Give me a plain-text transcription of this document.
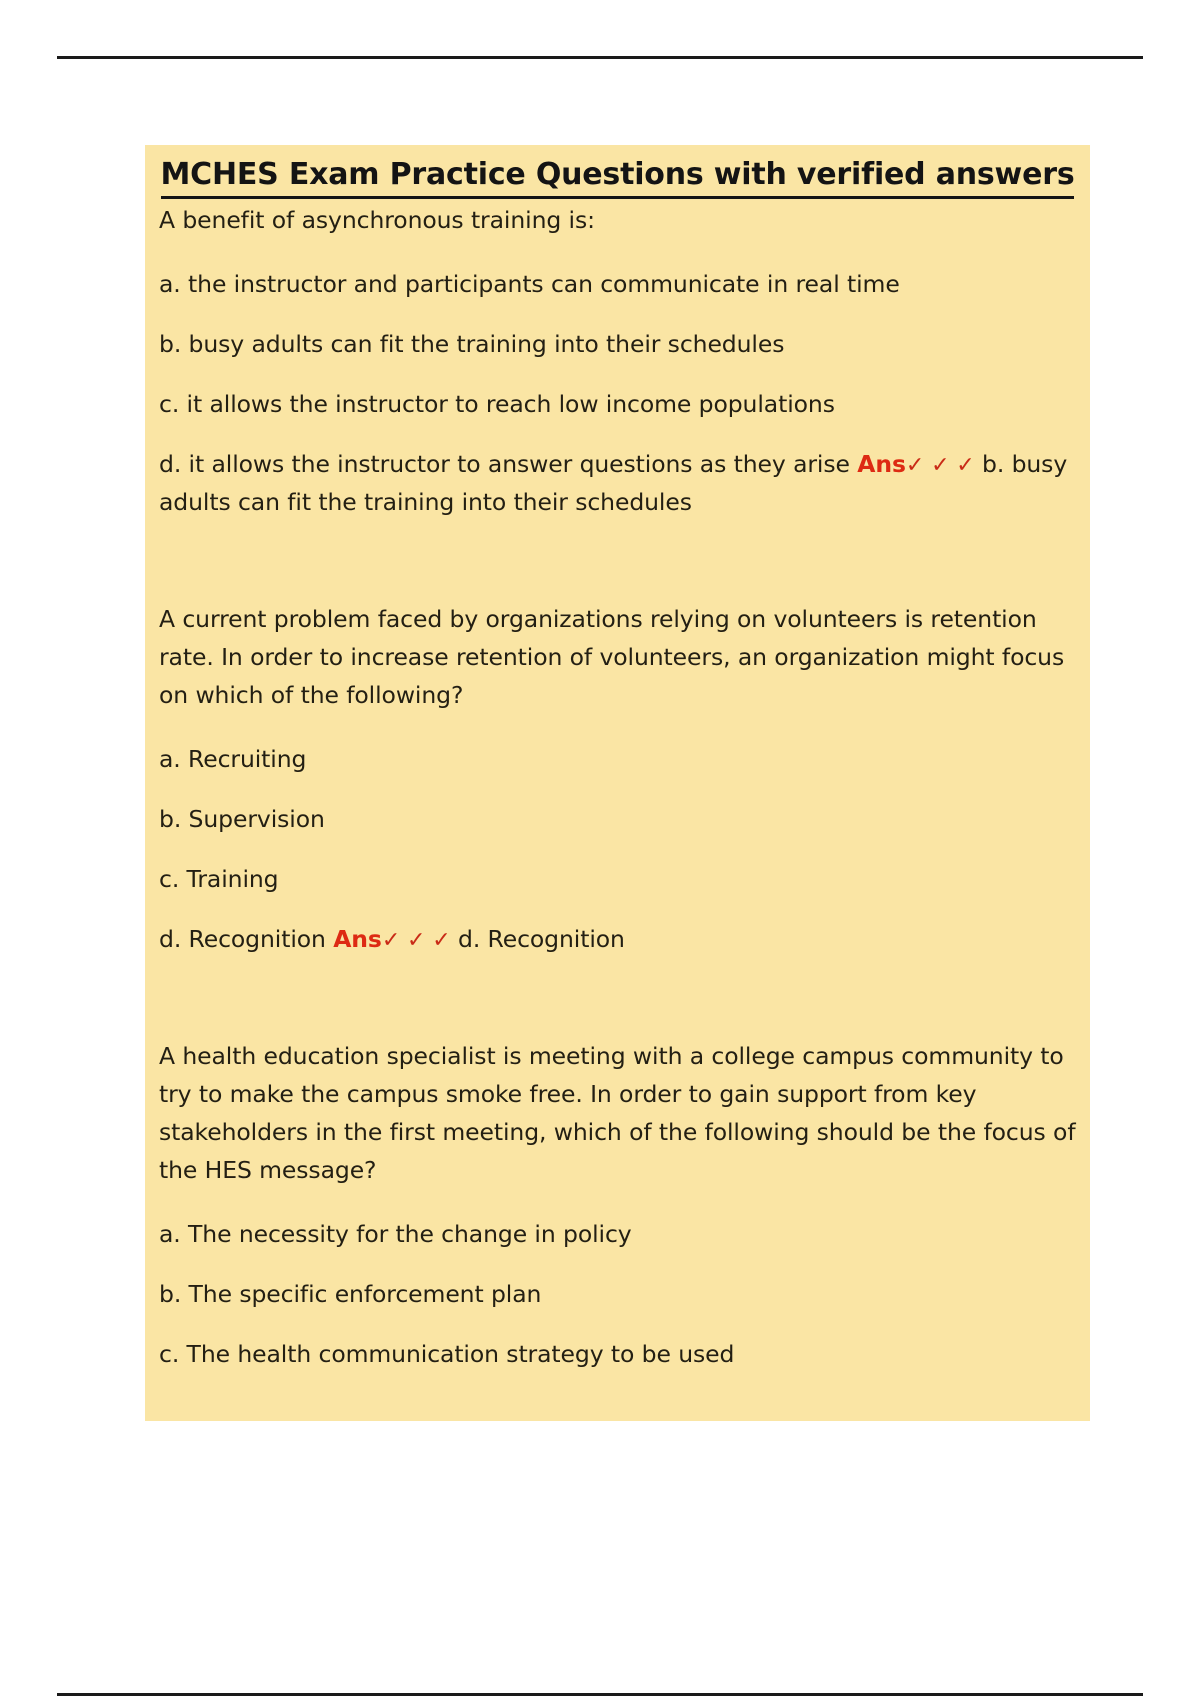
MCHES Exam Practice Questions with verified answers

A benefit of asynchronous training is:

a. the instructor and participants can communicate in real time

b. busy adults can fit the training into their schedules

c. it allows the instructor to reach low income populations

d. it allows the instructor to answer questions as they arise Ans✓ ✓ ✓ b. busy adults can fit the training into their schedules

A current problem faced by organizations relying on volunteers is retention rate. In order to increase retention of volunteers, an organization might focus on which of the following?

a. Recruiting

b. Supervision

c. Training

d. Recognition Ans✓ ✓ ✓ d. Recognition

A health education specialist is meeting with a college campus community to try to make the campus smoke free. In order to gain support from key stakeholders in the first meeting, which of the following should be the focus of the HES message?

a. The necessity for the change in policy

b. The specific enforcement plan

c. The health communication strategy to be used
